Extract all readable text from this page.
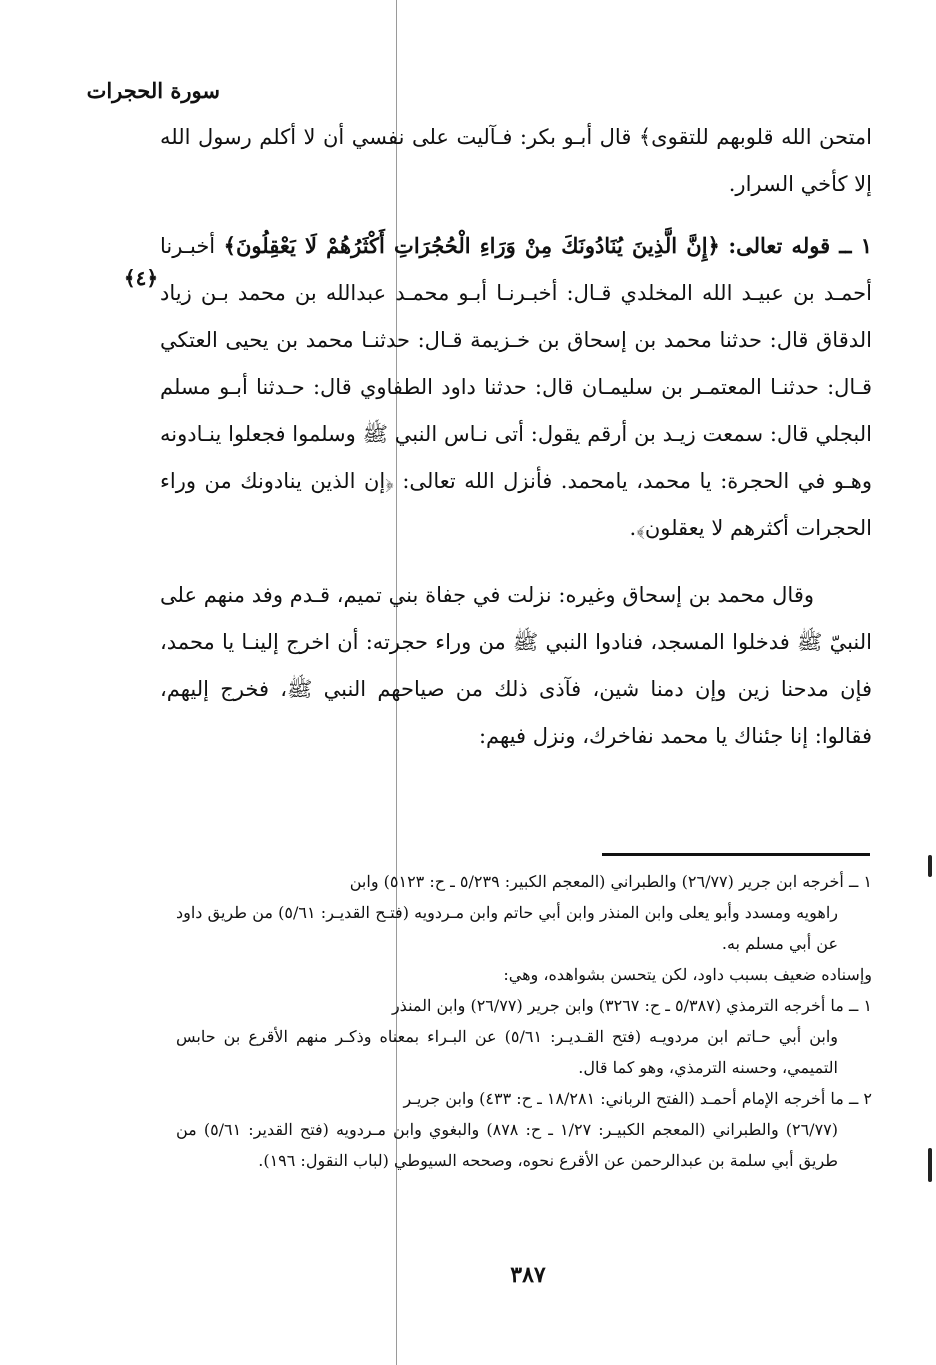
سورة الحجرات
﴿٤﴾

امتحن الله قلوبهم للتقوى﴾ قال أبـو بكر: فـآليت على نفسي أن لا أكلم رسول الله إلا كأخي السرار.

١ ــ قوله تعالى: ﴿إِنَّ الَّذِينَ يُنَادُونَكَ مِنْ وَرَاءِ الْحُجُرَاتِ أَكْثَرُهُمْ لَا يَعْقِلُونَ﴾ أخبـرنا أحمـد بن عبيـد الله المخلدي قـال: أخبـرنـا أبـو محمـد عبدالله بن محمد بـن زياد الدقاق قال: حدثنا محمد بن إسحاق بن خـزيمة قـال: حدثنـا محمد بن يحيى العتكي قـال: حدثنـا المعتمـر بن سليمـان قال: حدثنا داود الطفاوي قال: حـدثنا أبـو مسلم البجلي قال: سمعت زيـد بن أرقم يقول: أتى نـاس النبي ﷺ وسلموا فجعلوا ينـادونه وهـو في الحجرة: يا محمد، يامحمد. فأنزل الله تعالى: ﴿إن الذين ينادونك من وراء الحجرات أكثرهم لا يعقلون﴾.

وقال محمد بن إسحاق وغيره: نزلت في جفاة بني تميم، قـدم وفد منهم على النبيّ ﷺ فدخلوا المسجد، فنادوا النبي ﷺ من وراء حجرته: أن اخرج إلينـا يا محمد، فإن مدحنا زين وإن دمنا شين، فآذى ذلك من صياحهم النبي ﷺ، فخرج إليهم، فقالوا: إنا جئناك يا محمد نفاخرك، ونزل فيهم:

١ ــ أخرجه ابن جرير (٢٦/٧٧) والطبراني (المعجم الكبير: ٥/٢٣٩ ـ ح: ٥١٢٣) وابن

راهويه ومسدد وأبو يعلى وابن المنذر وابن أبي حاتم وابن مـردويه (فتـح القديـر: ٥/٦١) من طريق داود عن أبي مسلم به.

وإسناده ضعيف بسبب داود، لكن يتحسن بشواهده، وهي:

١ ــ ما أخرجه الترمذي (٥/٣٨٧ ـ ح: ٣٢٦٧) وابن جرير (٢٦/٧٧) وابن المنذر

وابن أبي حـاتم ابن مردويـه (فتح القـديـر: ٥/٦١) عن البـراء بمعناه وذكـر منهم الأقرع بن حابس التميمي، وحسنه الترمذي، وهو كما قال.

٢ ــ ما أخرجه الإمام أحمـد (الفتح الرباني: ١٨/٢٨١ ـ ح: ٤٣٣) وابن جريـر

(٢٦/٧٧) والطبراني (المعجم الكبيـر: ١/٢٧ ـ ح: ٨٧٨) والبغوي وابن مـردويه (فتح القدير: ٥/٦١) من طريق أبي سلمة بن عبدالرحمن عن الأقرع نحوه، وصححه السيوطي (لباب النقول: ١٩٦).

٣٨٧
